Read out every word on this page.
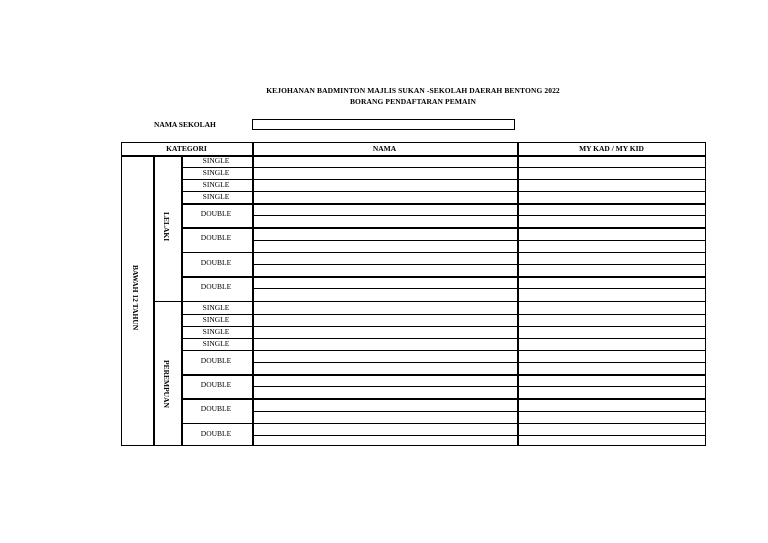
KEJOHANAN BADMINTON MAJLIS SUKAN -SEKOLAH DAERAH BENTONG 2022
BORANG PENDAFTARAN PEMAIN
NAMA SEKOLAH
KATEGORI	NAMA	MY KAD / MY KID
SINGLE
SINGLE
SINGLE
SINGLE
DOUBLE
DOUBLE
DOUBLE
DOUBLE
SINGLE
SINGLE
SINGLE
SINGLE
DOUBLE
DOUBLE
DOUBLE
DOUBLE
BAWAH 12 TAHUN
LELAKI
PEREMPUAN
